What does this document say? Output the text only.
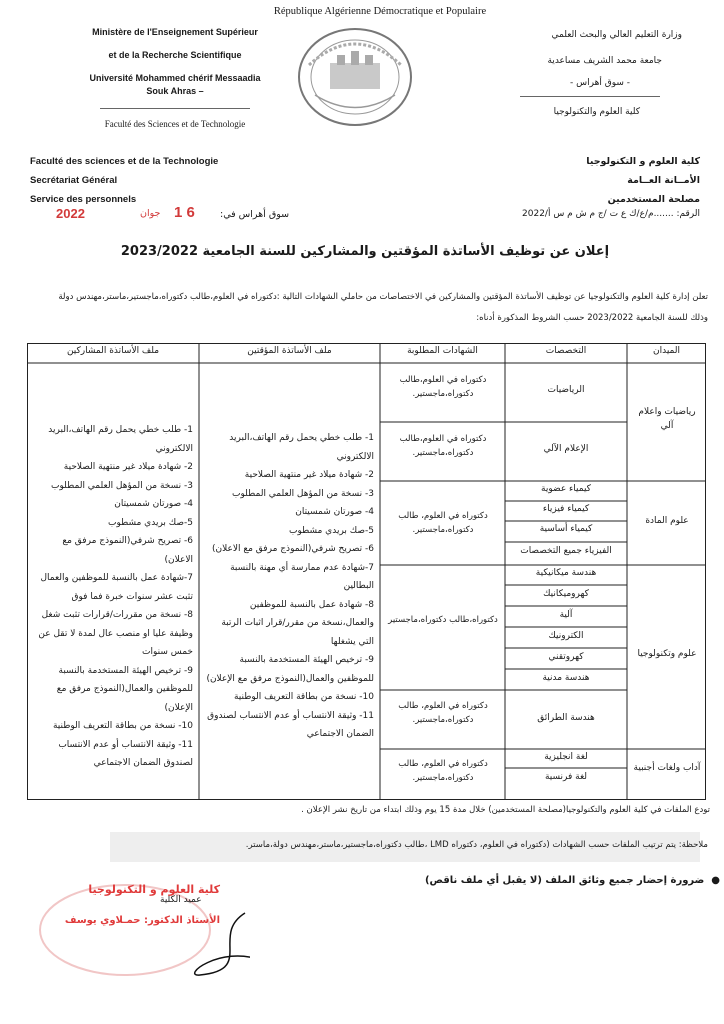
République Algérienne Démocratique et Populaire
Ministère de l'Enseignement Supérieur
et de la Recherche Scientifique
Université Mohammed chérif Messaadia
Souk Ahras –
Faculté des Sciences et de Technologie
وزارة التعليم العالي والبحث العلمي
جامعة محمد الشريف مساعدية
- سوق أهراس -
كلية العلوم والتكنولوجيا
Faculté des sciences et de la Technologie
Secrétariat Général
Service des personnels
كلية العلوم و التكنولوجيا
الأمــانة العــامة
مصلحة المستخدمين
الرقم: .......م/ع/ك ع ت /ج م ش م س أ/2022
2022	جوان 1 6	سوق أهراس في:
إعلان عن توظيف الأساتذة المؤقتين والمشاركين للسنة الجامعية 2023/2022
تعلن إدارة كلية العلوم والتكنولوجيا عن توظيف الأساتذة المؤقتين والمشاركين في الاختصاصات من حاملي الشهادات التالية :دكتوراه في العلوم،طالب دكتوراه،ماجستير،ماستر،مهندس دولة
وذلك للسنة الجامعية 2023/2022 حسب الشروط المذكورة أدناه:
الميدان
التخصصات
الشهادات المطلوبة
ملف الأساتذة المؤقتين
ملف الأساتذة المشاركين
رياضيات واعلام آلي
علوم المادة
علوم وتكنولوجيا
آداب ولغات أجنبية
الرياضيات
الإعلام الآلي
كيمياء عضوية
كيمياء فيزياء
كيمياء أساسية
الفيزياء جميع التخصصات
هندسة ميكانيكية
كهروميكانيك
آلية
الكترونيك
كهروتقني
هندسة مدنية
هندسة الطرائق
لغة انجليزية
لغة فرنسية
دكتوراه في العلوم،طالب دكتوراه،ماجستير.
دكتوراه في العلوم،طالب دكتوراه،ماجستير.
دكتوراه في العلوم، طالب دكتوراه،ماجستير.
دكتوراه،طالب دكتوراه،ماجستير
دكتوراه في العلوم، طالب دكتوراه،ماجستير.
دكتوراه في العلوم، طالب دكتوراه،ماجستير.
1- طلب خطي يحمل رقم الهاتف،البريد الالكتروني
2- شهادة ميلاد غير منتهية الصلاحية
3- نسخة من المؤهل العلمي المطلوب
4- صورتان شمسيتان
5-صك بريدي مشطوب
6- تصريح شرفي(النموذج مرفق مع الاعلان)
7-شهادة عدم ممارسة أي مهنة بالنسبة البطالين
8- شهادة عمل بالنسبة للموظفين والعمال،نسخة من مقرر/قرار اثبات الرتبة التي يشغلها
9- ترخيص الهيئة المستخدمة بالنسبة للموظفين والعمال(النموذج مرفق مع الإعلان)
10- نسخة من بطاقة التعريف الوطنية
11- وثيقة الانتساب أو عدم الانتساب لصندوق الضمان الاجتماعي
1- طلب خطي يحمل رقم الهاتف،البريد الالكتروني
2- شهادة ميلاد غير منتهية الصلاحية
3- نسخة من المؤهل العلمي المطلوب
4- صورتان شمسيتان
5-صك بريدي مشطوب
6- تصريح شرفي(النموذج مرفق مع الاعلان)
7-شهادة عمل بالنسبة للموظفين والعمال تثبت عشر سنوات خبرة فما فوق
8- نسخة من مقررات/قرارات تثبت شغل وظيفة عليا او منصب عال لمدة لا تقل عن خمس سنوات
9- ترخيص الهيئة المستخدمة بالنسبة للموظفين والعمال(النموذج مرفق مع الإعلان)
10- نسخة من بطاقة التعريف الوطنية
11- وثيقة الانتساب أو عدم الانتساب لصندوق الضمان الاجتماعي
تودع الملفات في كلية العلوم والتكنولوجيا(مصلحة المستخدمين) خلال مدة 15 يوم وذلك ابتداء من تاريخ نشر الإعلان .
ملاحظة: يتم ترتيب الملفات حسب الشهادات (دكتوراه في العلوم، دكتوراه LMD ،طالب دكتوراه،ماجستير،ماستر،مهندس دولة،ماستر.
●  ضرورة إحضار جميع وثائق الملف (لا يقبل أي ملف ناقص)
عميد الكلية
كلية العلوم و التكنولوجيا
الأستاذ الدكتور: حمـلاوي يوسف
